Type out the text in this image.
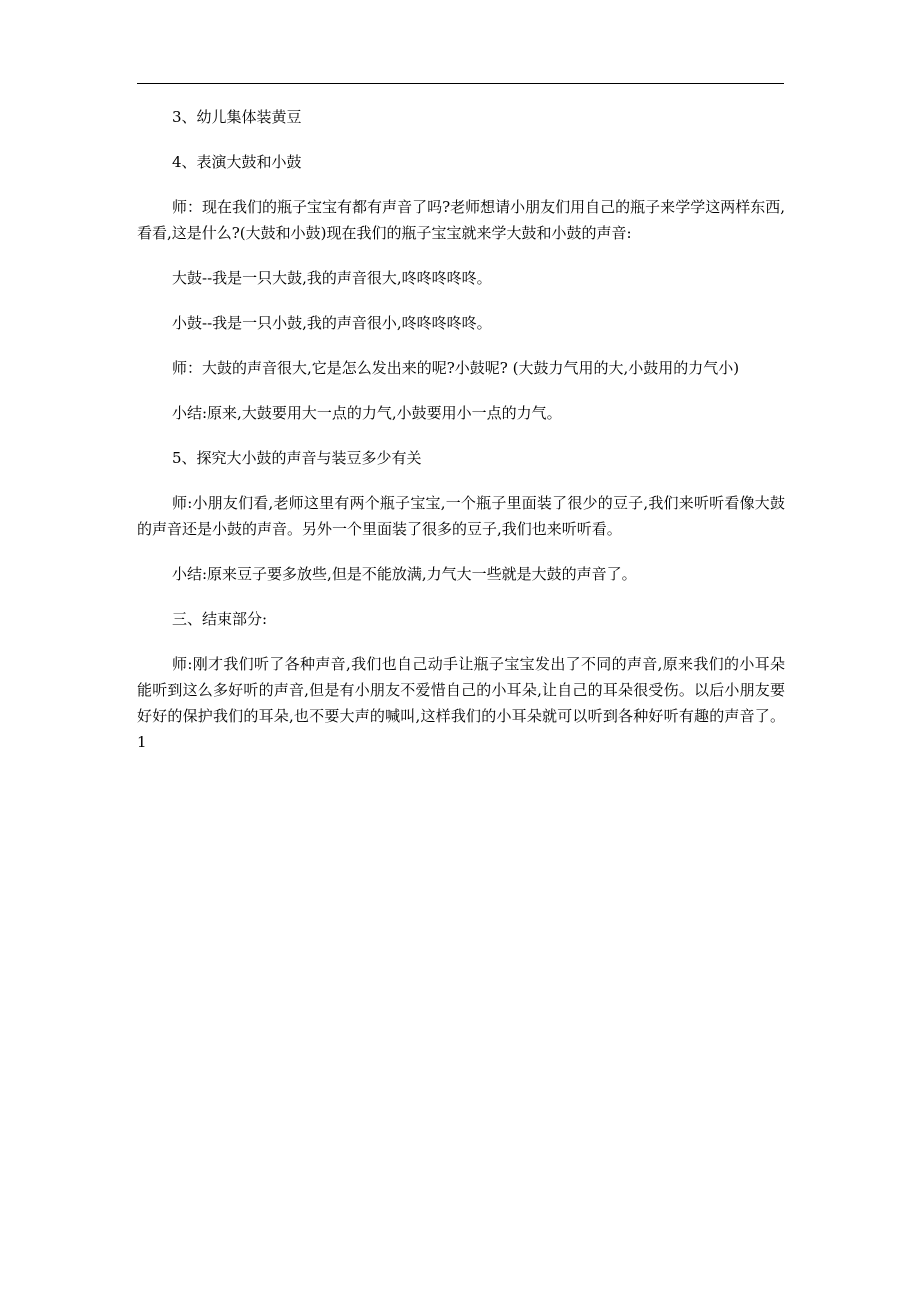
3、幼儿集体装黄豆

4、表演大鼓和小鼓

师：现在我们的瓶子宝宝有都有声音了吗?老师想请小朋友们用自己的瓶子来学学这两样东西,看看,这是什么?(大鼓和小鼓)现在我们的瓶子宝宝就来学大鼓和小鼓的声音:

大鼓--我是一只大鼓,我的声音很大,咚咚咚咚咚。

小鼓--我是一只小鼓,我的声音很小,咚咚咚咚咚。

师：大鼓的声音很大,它是怎么发出来的呢?小鼓呢? (大鼓力气用的大,小鼓用的力气小)

小结:原来,大鼓要用大一点的力气,小鼓要用小一点的力气。

5、探究大小鼓的声音与装豆多少有关

师:小朋友们看,老师这里有两个瓶子宝宝,一个瓶子里面装了很少的豆子,我们来听听看像大鼓的声音还是小鼓的声音。另外一个里面装了很多的豆子,我们也来听听看。

小结:原来豆子要多放些,但是不能放满,力气大一些就是大鼓的声音了。

三、结束部分:

师:刚才我们听了各种声音,我们也自己动手让瓶子宝宝发出了不同的声音,原来我们的小耳朵能听到这么多好听的声音,但是有小朋友不爱惜自己的小耳朵,让自己的耳朵很受伤。以后小朋友要好好的保护我们的耳朵,也不要大声的喊叫,这样我们的小耳朵就可以听到各种好听有趣的声音了。1
